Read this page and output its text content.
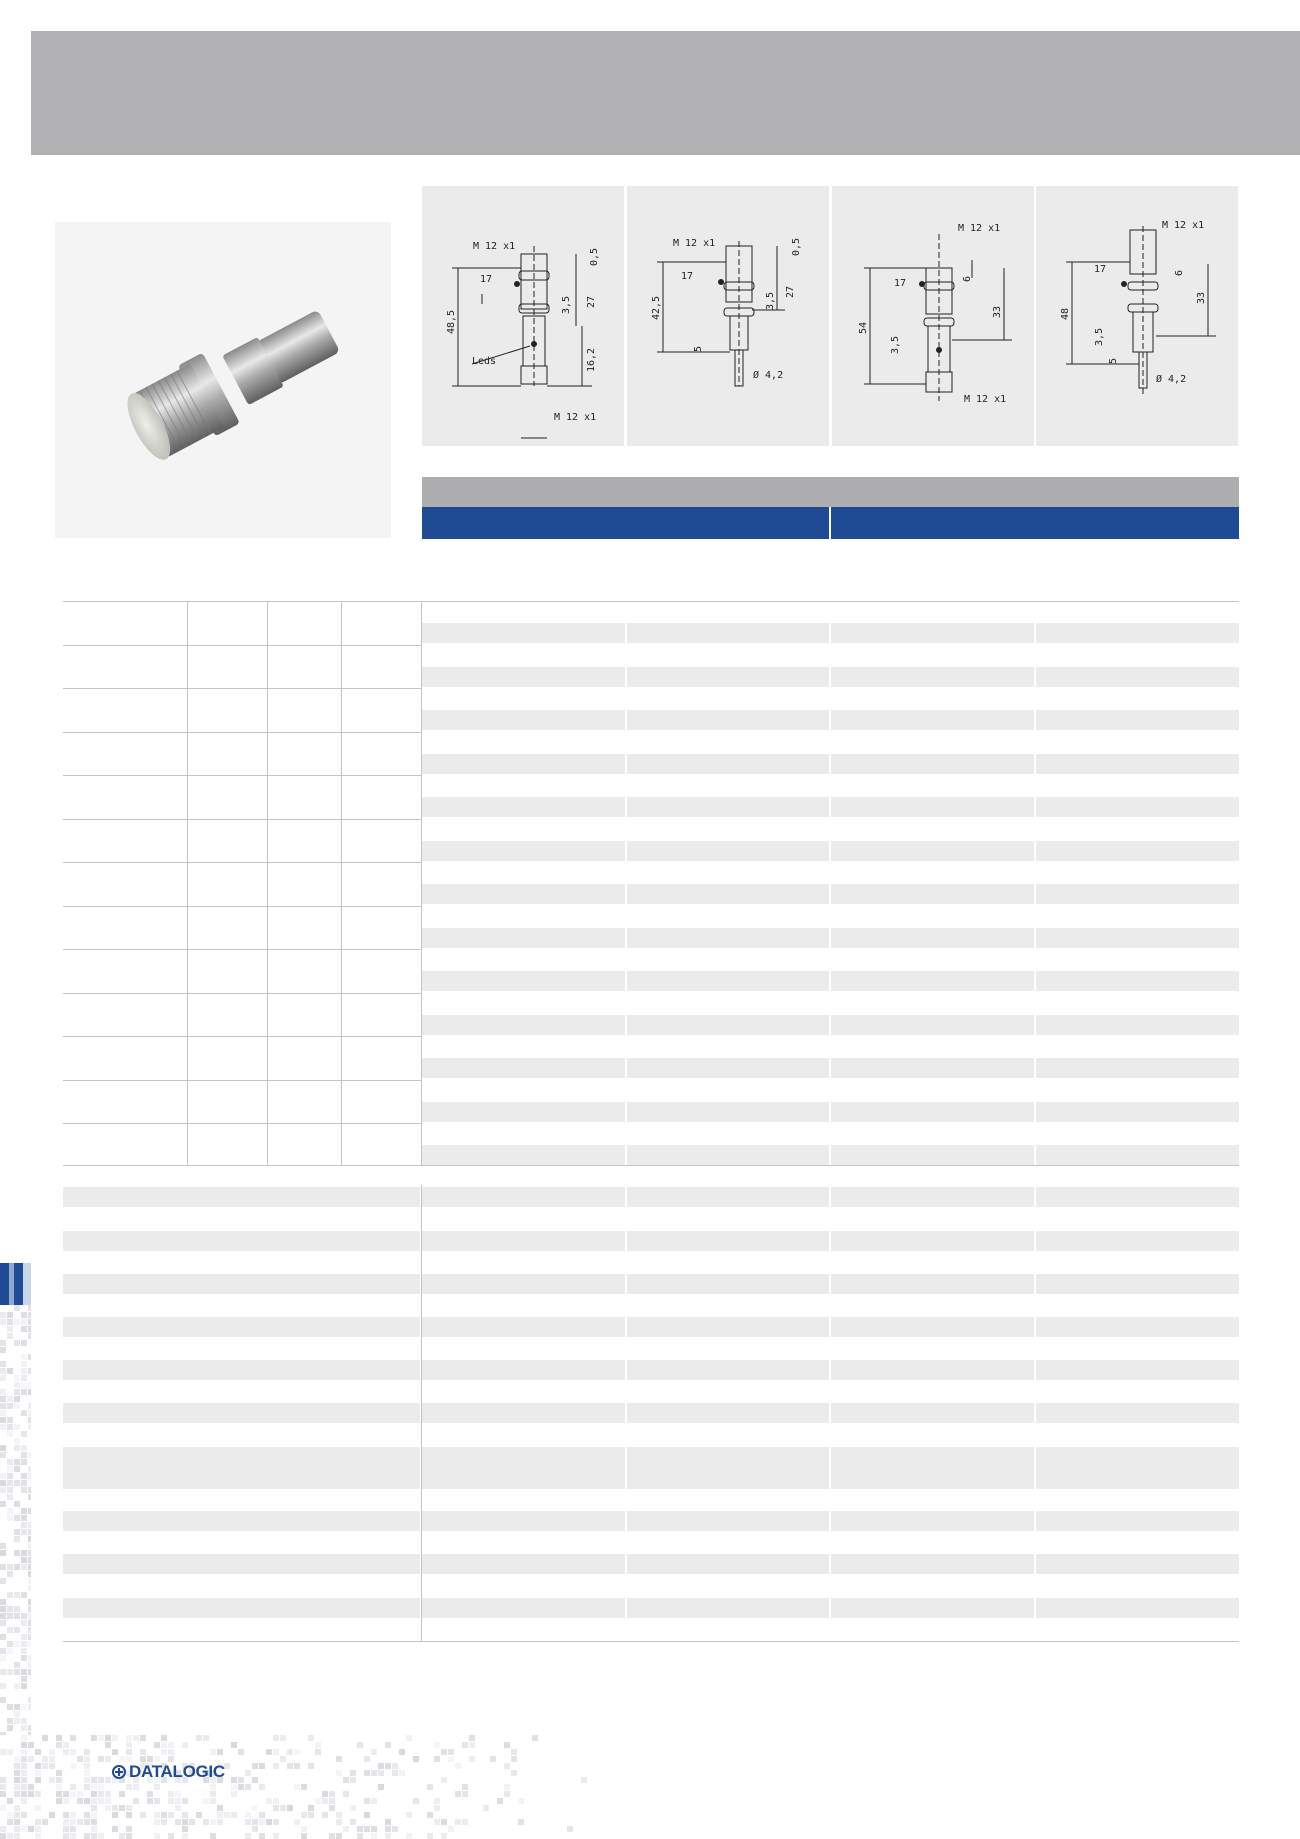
M 12 x1
M 12 x1
17
Leds
0,5
3,5 27
48,5
16,2
M 12 x1
17
Ø 4,2
0,5
27
3,5
42,5
5
M 12 x1
M 12 x1
17	6
33
54
3,5
M 12 x1
17
Ø 4,2
6
33
48
3,5
5
DATALOGIC
